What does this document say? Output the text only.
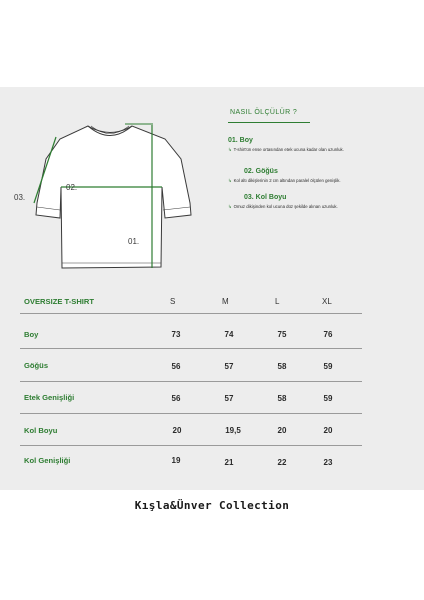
03.
02.
01.
NASIL ÖLÇÜLÜR ?
01. Boy
↳ T-shirt'ün ense ortasından etek ucuna kadar olan uzunluk.
02. Göğüs
↳ Kol altı dikişlerinin 2 cm altından paralel ölçülen genişlik.
03. Kol Boyu
↳ Omuz dikişinden kol ucuna düz şekilde alınan uzunluk.
OVERSIZE T-SHIRT	S	M	L	XL
Boy	73	74	75	76
Göğüs	56	57	58	59
Etek Genişliği	56	57	58	59
Kol Boyu	20	19,5	20	20
Kol Genişliği	19	21	22	23
Kışla&Ünver Collection
